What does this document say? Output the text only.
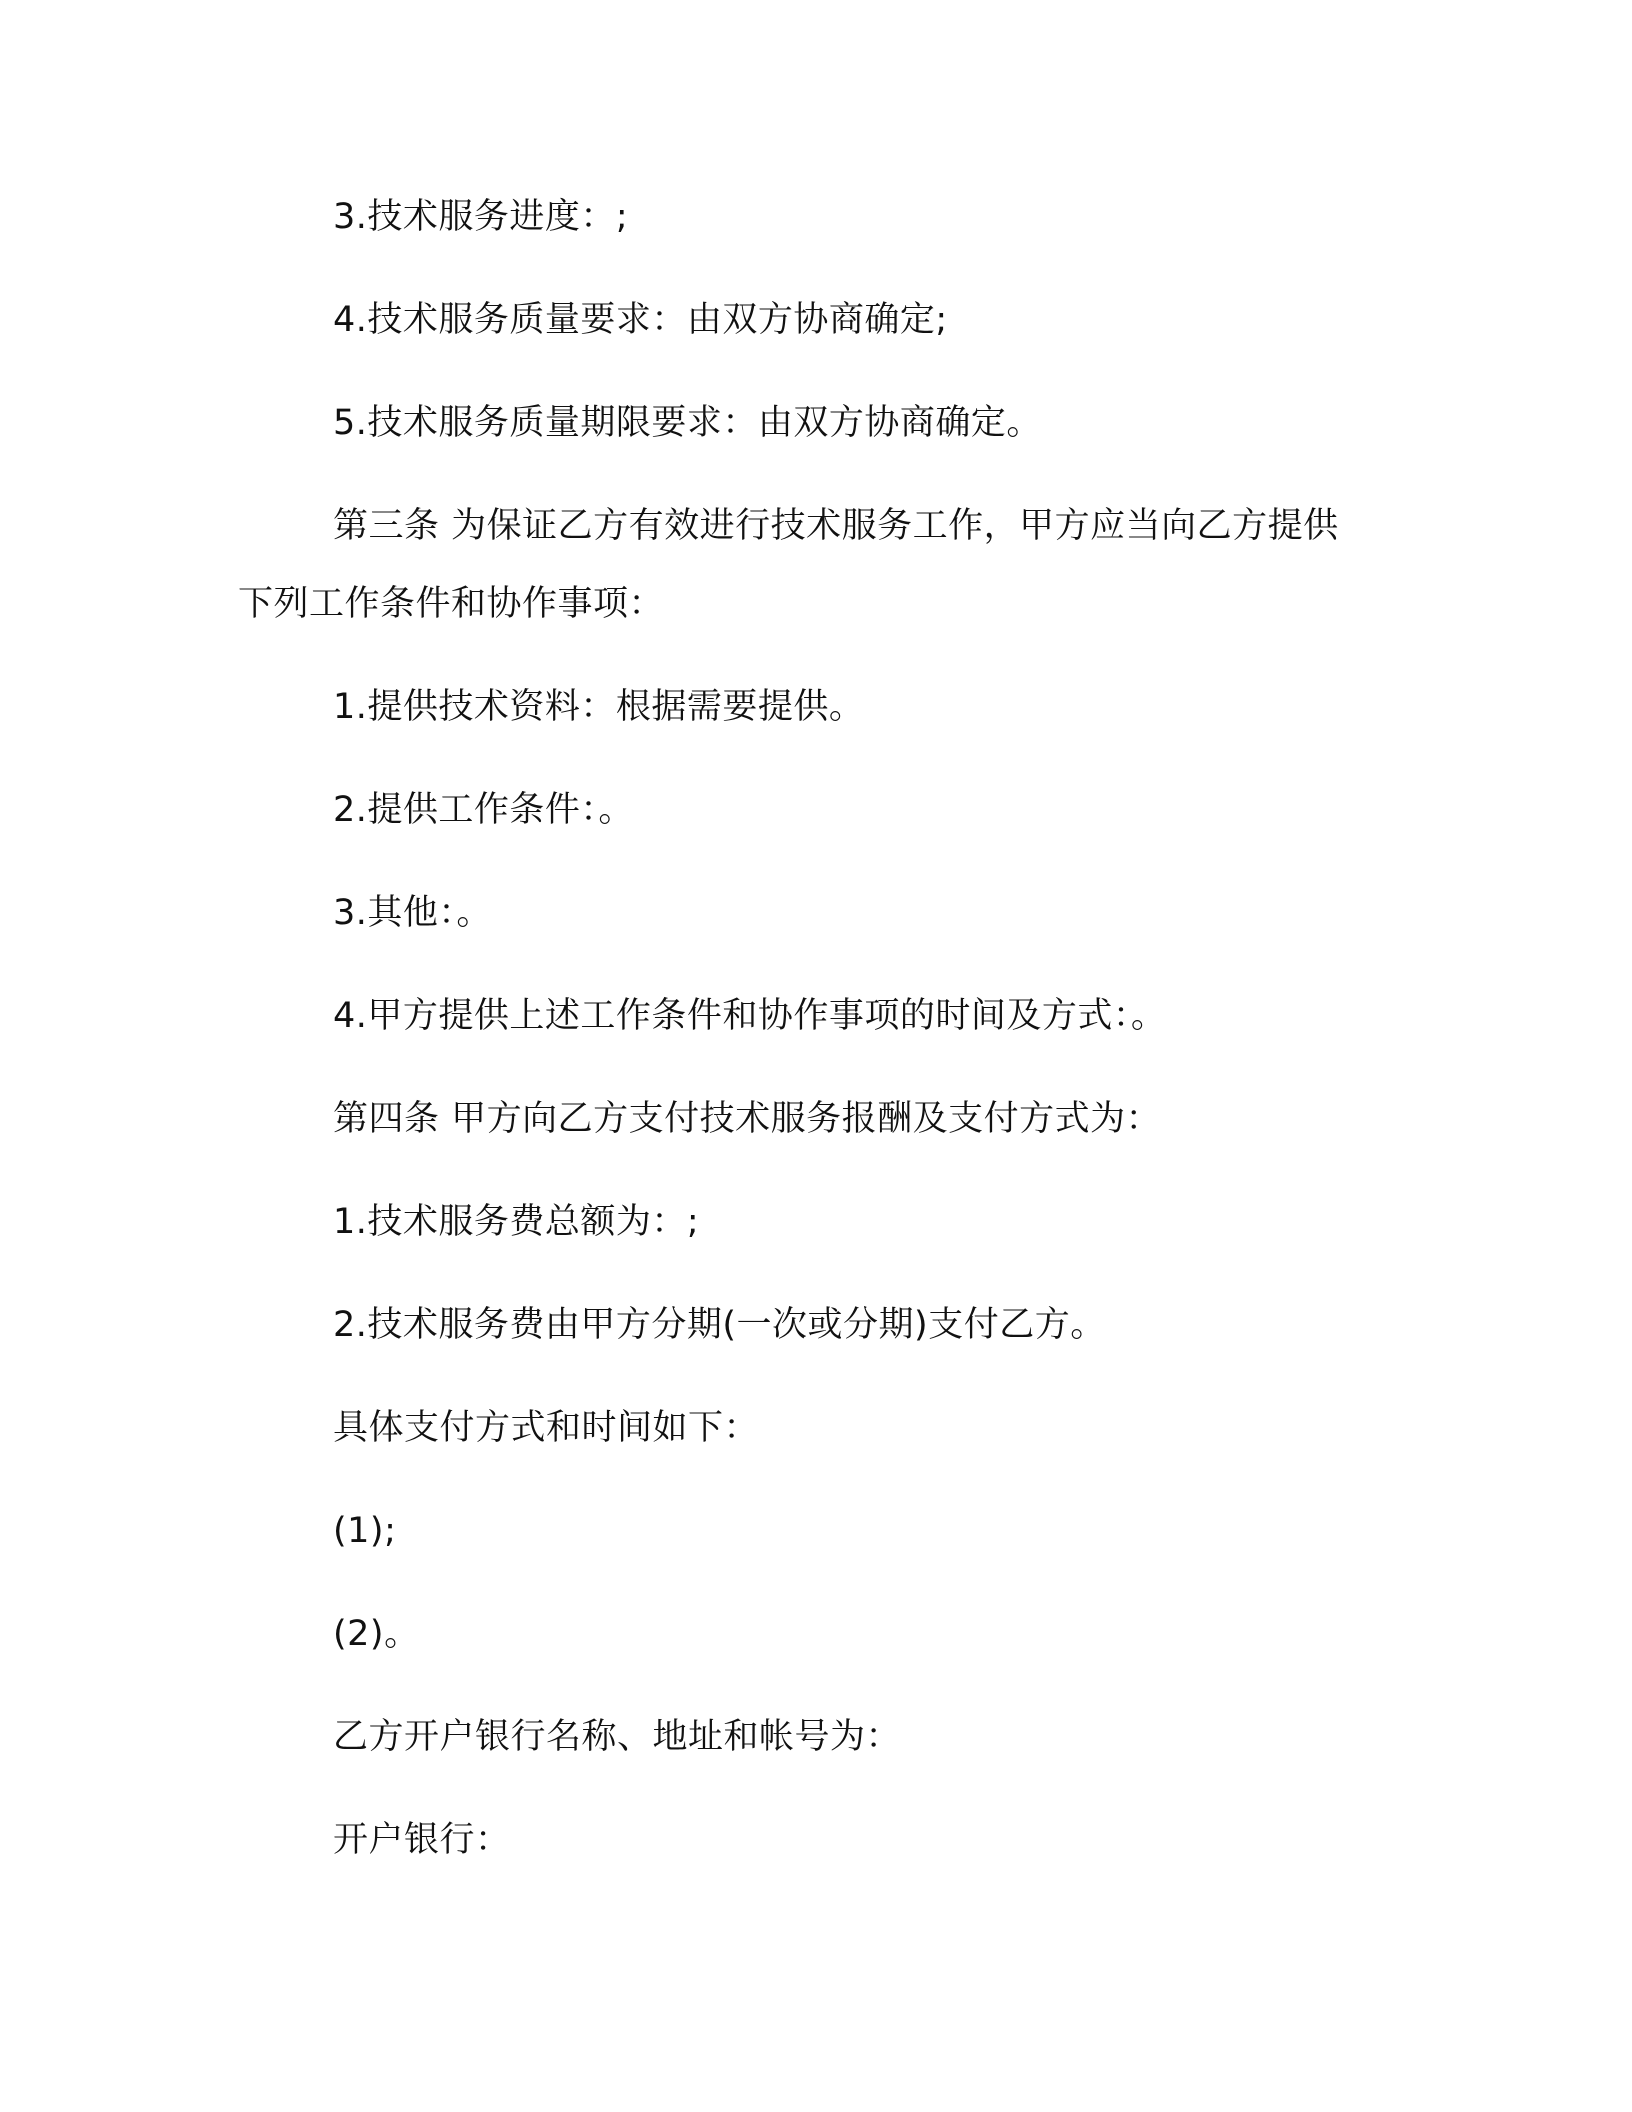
3.技术服务进度：;
4.技术服务质量要求：由双方协商确定;
5.技术服务质量期限要求：由双方协商确定。
第三条 为保证乙方有效进行技术服务工作，甲方应当向乙方提供
下列工作条件和协作事项：
1.提供技术资料：根据需要提供。
2.提供工作条件：。
3.其他：。
4.甲方提供上述工作条件和协作事项的时间及方式：。
第四条 甲方向乙方支付技术服务报酬及支付方式为：
1.技术服务费总额为：;
2.技术服务费由甲方分期(一次或分期)支付乙方。
具体支付方式和时间如下：
(1);
(2)。
乙方开户银行名称、地址和帐号为：
开户银行：
